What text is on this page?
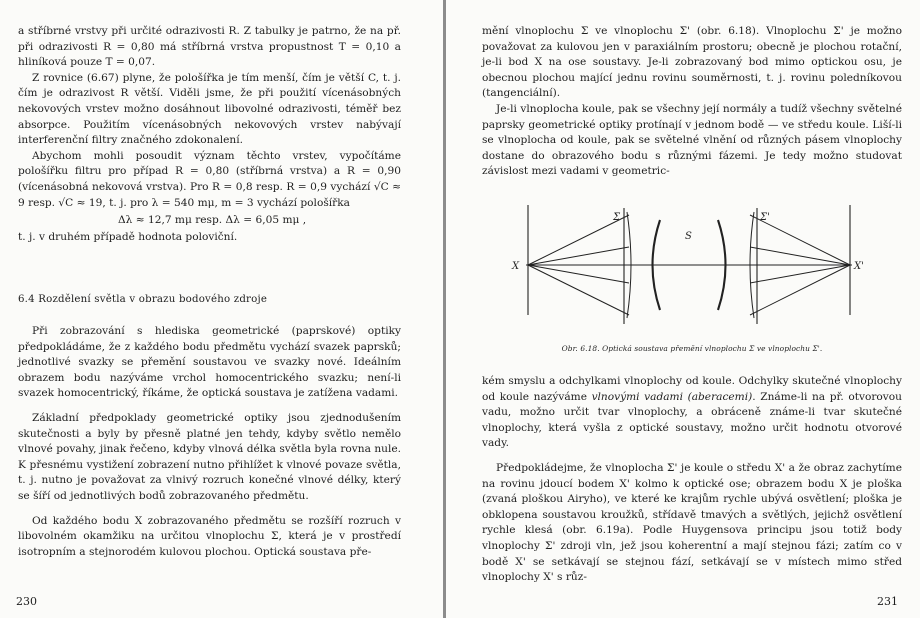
a stříbrné vrstvy při určité odrazivosti R. Z tabulky je patrno, že na př. při odrazivosti R = 0,80 má stříbrná vrstva propustnost T = 0,10 a hliníková pouze T = 0,07.

Z rovnice (6.67) plyne, že pološířka je tím menší, čím je větší C, t. j. čím je odrazivost R větší. Viděli jsme, že při použití vícenásobných nekovových vrstev možno dosáhnout libovolné odrazivosti, téměř bez absorpce. Použitím vícenásobných nekovových vrstev nabývají interferenční filtry značného zdokonalení.

Abychom mohli posoudit význam těchto vrstev, vypočítáme pološířku filtru pro případ R = 0,80 (stříbrná vrstva) a R = 0,90 (vícenásobná nekovová vrstva). Pro R = 0,8 resp. R = 0,9 vychází √C ≈ 9 resp. √C ≈ 19, t. j. pro λ = 540 mμ, m = 3 vychází pološířka

Δλ ≈ 12,7 mμ resp. Δλ = 6,05 mμ ,

t. j. v druhém případě hodnota poloviční.

6.4 Rozdělení světla v obrazu bodového zdroje

Při zobrazování s hlediska geometrické (paprskové) optiky předpokládáme, že z každého bodu předmětu vychází svazek paprsků; jednotlivé svazky se přemění soustavou ve svazky nové. Ideálním obrazem bodu nazýváme vrchol homocentrického svazku; není-li svazek homocentrický, říkáme, že optická soustava je zatížena vadami.

Základní předpoklady geometrické optiky jsou zjednodušením skutečnosti a byly by přesně platné jen tehdy, kdyby světlo nemělo vlnové povahy, jinak řečeno, kdyby vlnová délka světla byla rovna nule. K přesnému vystižení zobrazení nutno přihlížet k vlnové povaze světla, t. j. nutno je považovat za vlnivý rozruch konečné vlnové délky, který se šíří od jednotlivých bodů zobrazovaného předmětu.

Od každého bodu X zobrazovaného předmětu se rozšíří rozruch v libovolném okamžiku na určitou vlnoplochu Σ, která je v prostředí isotropním a stejnorodém kulovou plochou. Optická soustava pře-

230

mění vlnoplochu Σ ve vlnoplochu Σ' (obr. 6.18). Vlnoplochu Σ' je možno považovat za kulovou jen v paraxiálním prostoru; obecně je plochou rotační, je-li bod X na ose soustavy. Je-li zobrazovaný bod mimo optickou osu, je obecnou plochou mající jednu rovinu souměrnosti, t. j. rovinu poledníkovou (tangenciální).

Je-li vlnoplocha koule, pak se všechny její normály a tudíž všechny světelné paprsky geometrické optiky protínají v jednom bodě — ve středu koule. Liší-li se vlnoplocha od koule, pak se světelné vlnění od různých pásem vlnoplochy dostane do obrazového bodu s různými fázemi. Je tedy možno studovat závislost mezi vadami v geometric-

X	X'
Σ	Σ'
S
Obr. 6.18. Optická soustava přemění vlnoplochu Σ ve vlnoplochu Σ'.

kém smyslu a odchylkami vlnoplochy od koule. Odchylky skutečné vlnoplochy od koule nazýváme vlnovými vadami (aberacemi). Známe-li na př. otvorovou vadu, možno určit tvar vlnoplochy, a obráceně známe-li tvar skutečné vlnoplochy, která vyšla z optické soustavy, možno určit hodnotu otvorové vady.

Předpokládejme, že vlnoplocha Σ' je koule o středu X' a že obraz zachytíme na rovinu jdoucí bodem X' kolmo k optické ose; obrazem bodu X je ploška (zvaná ploškou Airyho), ve které ke krajům rychle ubývá osvětlení; ploška je obklopena soustavou kroužků, střídavě tmavých a světlých, jejichž osvětlení rychle klesá (obr. 6.19a). Podle Huygensova principu jsou totiž body vlnoplochy Σ' zdroji vln, jež jsou koherentní a mají stejnou fázi; zatím co v bodě X' se setkávají se stejnou fází, setkávají se v místech mimo střed vlnoplochy X' s růz-

231
